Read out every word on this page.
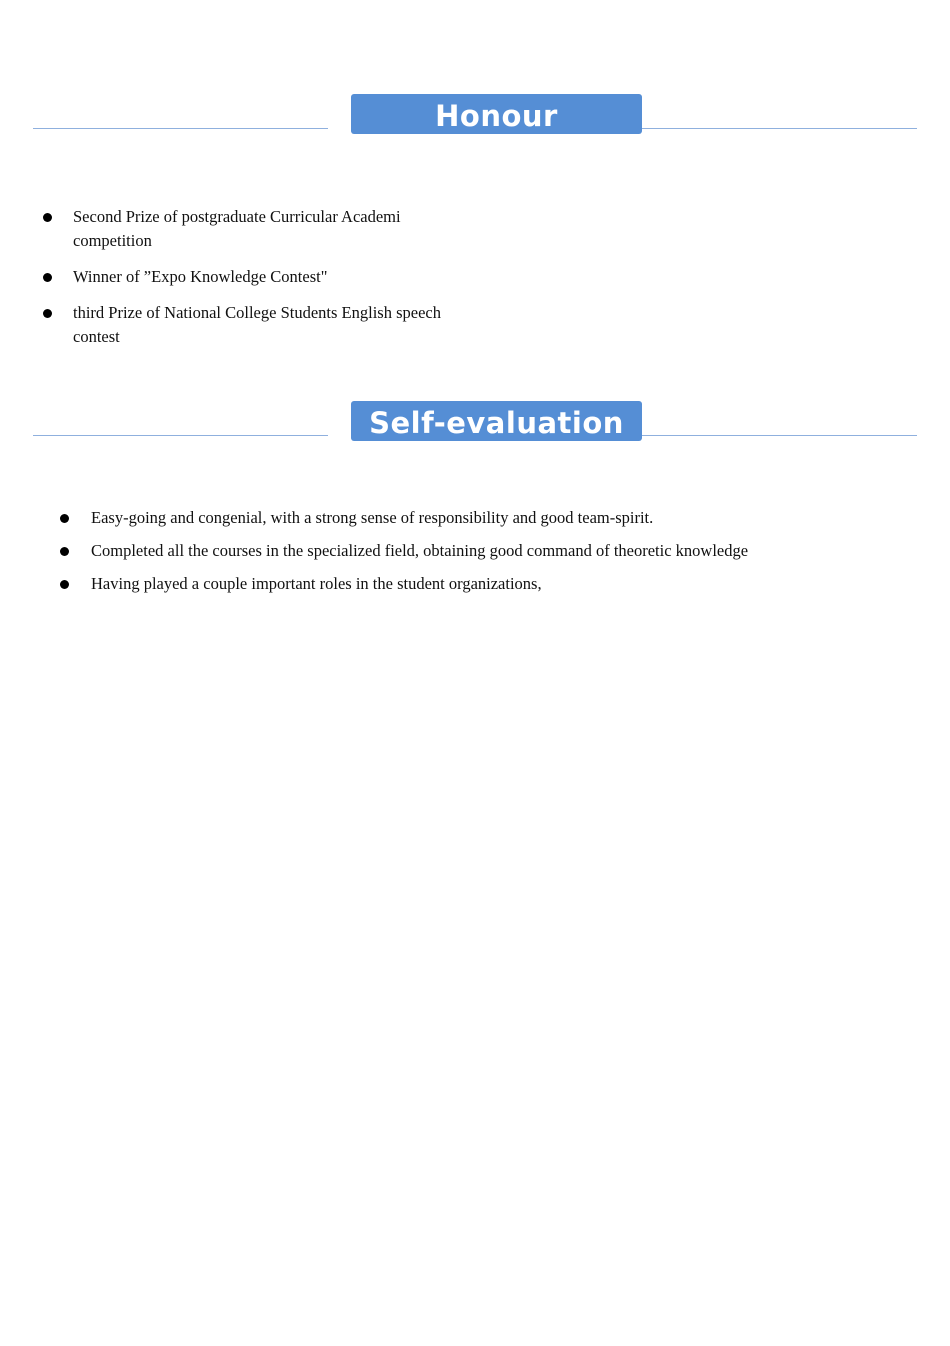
Honour
Second Prize of postgraduate Curricular Academi competition
Winner of ”Expo Knowledge Contest"
third Prize of National College Students English speech contest
Self-evaluation
Easy-going and congenial, with a strong sense of responsibility and good team-spirit.
Completed all the courses in the specialized field, obtaining good command of theoretic knowledge
Having played a couple important roles in the student organizations,
